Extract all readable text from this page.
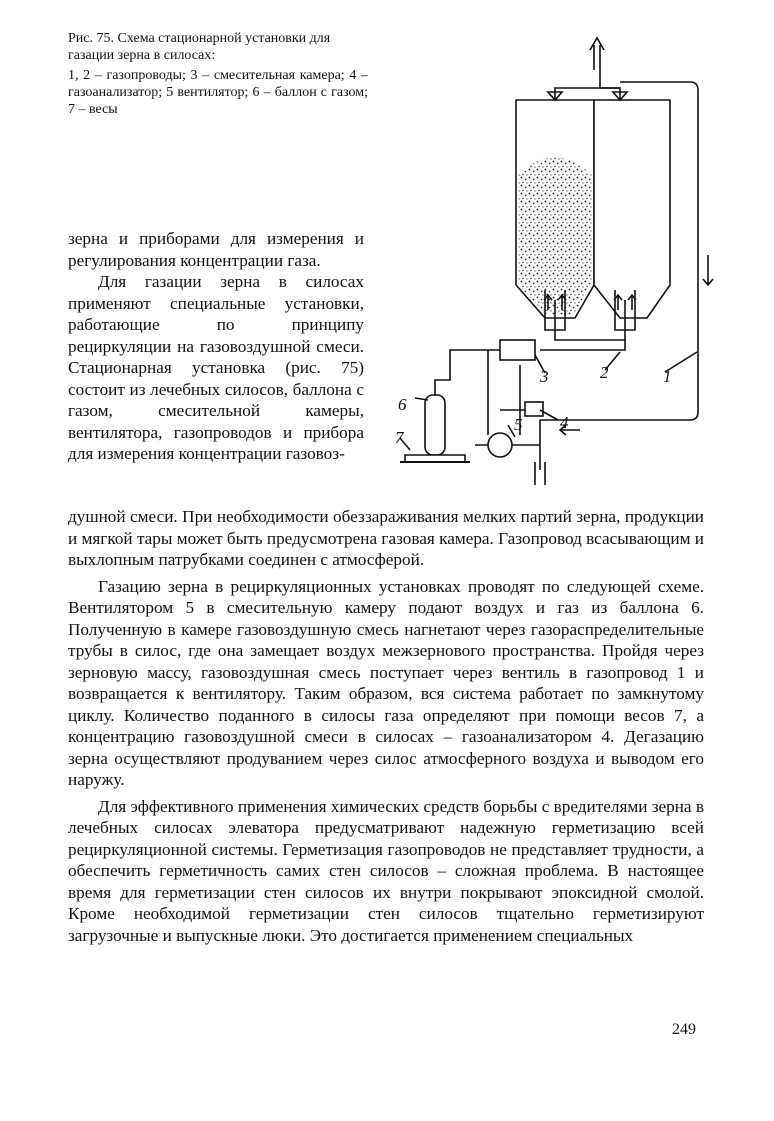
Рис. 75. Схема стационарной установки для газации зерна в силосах:

1, 2 – газопроводы; 3 – смесительная камера; 4 – газоанализатор; 5 вентилятор; 6 – баллон с газом; 7 – весы

1
2
3
4
5
6
7

зерна и приборами для измерения и регулирования концентрации газа.

Для газации зерна в силосах применяют специальные установки, работающие по принципу рециркуляции на газовоздушной смеси. Стационарная установка (рис. 75) состоит из лечебных силосов, баллона с газом, смесительной камеры, вентилятора, газопроводов и прибора для измерения концентрации газовоз-

душной смеси. При необходимости обеззараживания мелких партий зерна, продукции и мягкой тары может быть предусмотрена газовая камера. Газопровод всасывающим и выхлопным патрубками соединен с атмосферой.

Газацию зерна в рециркуляционных установках проводят по следующей схеме. Вентилятором 5 в смесительную камеру подают воздух и газ из баллона 6. Полученную в камере газовоздушную смесь нагнетают через газораспределительные трубы в силос, где она замещает воздух межзернового пространства. Пройдя через зерновую массу, газовоздушная смесь поступает через вентиль в газопровод 1 и возвращается к вентилятору. Таким образом, вся система работает по замкнутому циклу. Количество поданного в силосы газа определяют при помощи весов 7, а концентрацию газовоздушной смеси в силосах – газоанализатором 4. Дегазацию зерна осуществляют продуванием через силос атмосферного воздуха и выводом его наружу.

Для эффективного применения химических средств борьбы с вредителями зерна в лечебных силосах элеватора предусматривают надежную герметизацию всей рециркуляционной системы. Герметизация газопроводов не представляет трудности, а обеспечить герметичность самих стен силосов – сложная проблема. В настоящее время для герметизации стен силосов их внутри покрывают эпоксидной смолой. Кроме необходимой герметизации стен силосов тщательно герметизируют загрузочные и выпускные люки. Это достигается применением специальных

249
